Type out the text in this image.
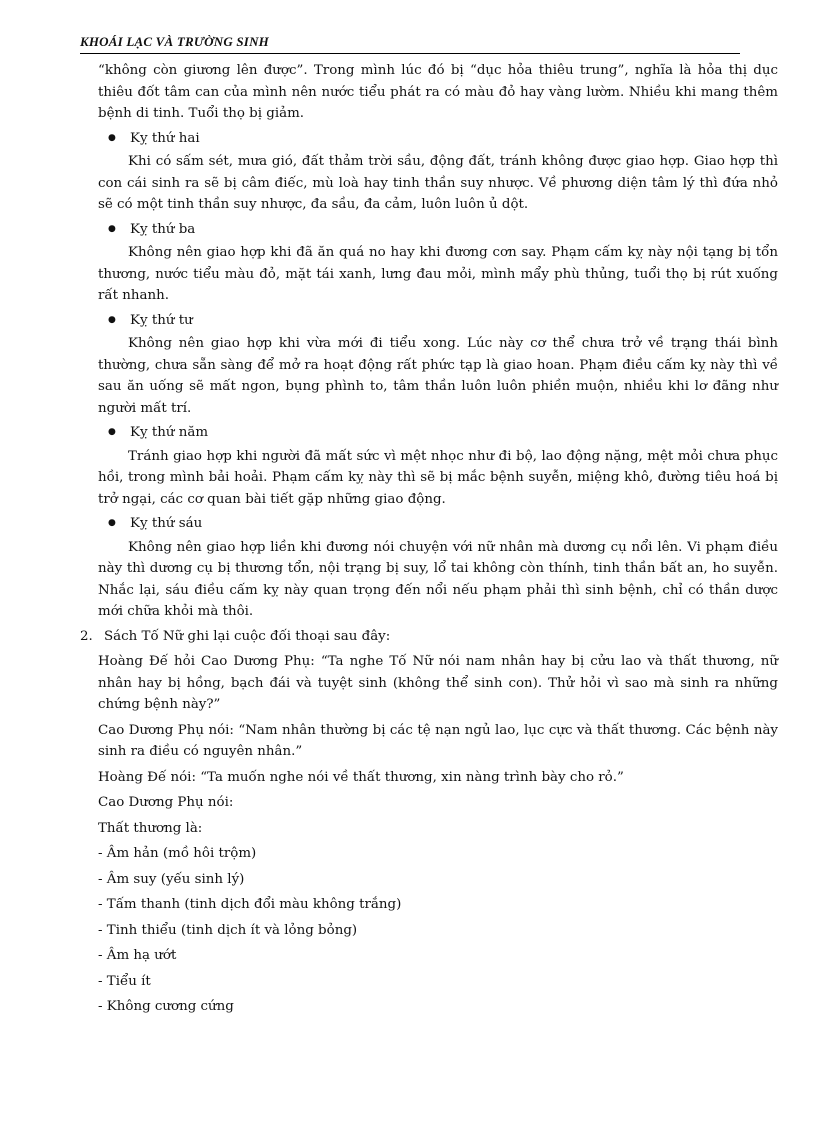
KHOÁI LẠC VÀ TRƯỜNG SINH

“không còn giương lên được”. Trong mình lúc đó bị “dục hỏa thiêu trung”, nghĩa là hỏa thị dục thiêu đốt tâm can của mình nên nước tiểu phát ra có màu đỏ hay vàng lườm. Nhiều khi mang thêm bệnh di tinh. Tuổi thọ bị giảm.

● Kỵ thứ hai

Khi có sấm sét, mưa gió, đất thảm trời sầu, động đất, tránh không được giao hợp. Giao hợp thì con cái sinh ra sẽ bị câm điếc, mù loà hay tinh thần suy nhược. Về phương diện tâm lý thì đứa nhỏ sẽ có một tinh thần suy nhược, đa sầu, đa cảm, luôn luôn ủ dột.

● Kỵ thứ ba

Không nên giao hợp khi đã ăn quá no hay khi đương cơn say. Phạm cấm kỵ này nội tạng bị tổn thương, nước tiểu màu đỏ, mặt tái xanh, lưng đau mỏi, mình mẩy phù thủng, tuổi thọ bị rút xuống rất nhanh.

● Kỵ thứ tư

Không nên giao hợp khi vừa mới đi tiểu xong. Lúc này cơ thể chưa trở về trạng thái bình thường, chưa sẵn sàng để mở ra hoạt động rất phức tạp là giao hoan. Phạm điều cấm kỵ này thì về sau ăn uống sẽ mất ngon, bụng phình to, tâm thần luôn luôn phiền muộn, nhiều khi lơ đãng như người mất trí.

● Kỵ thứ năm

Tránh giao hợp khi người đã mất sức vì mệt nhọc như đi bộ, lao động nặng, mệt mỏi chưa phục hồi, trong mình bải hoải. Phạm cấm kỵ này thì sẽ bị mắc bệnh suyễn, miệng khô, đường tiêu hoá bị trở ngại, các cơ quan bài tiết gặp những giao động.

● Kỵ thứ sáu

Không nên giao hợp liền khi đương nói chuyện với nữ nhân mà dương cụ nổi lên. Vi phạm điều này thì dương cụ bị thương tổn, nội trạng bị suy, lổ tai không còn thính, tinh thần bất an, ho suyễn. Nhắc lại, sáu điều cấm kỵ này quan trọng đến nổi nếu phạm phải thì sinh bệnh, chỉ có thần dược mới chữa khỏi mà thôi.

2. Sách Tố Nữ ghi lại cuộc đối thoại sau đây:

Hoàng Đế hỏi Cao Dương Phụ: “Ta nghe Tố Nữ nói nam nhân hay bị cửu lao và thất thương, nữ nhân hay bị hồng, bạch đái và tuyệt sinh (không thể sinh con). Thử hỏi vì sao mà sinh ra những chứng bệnh này?”

Cao Dương Phụ nói: “Nam nhân thường bị các tệ nạn ngủ lao, lục cực và thất thương. Các bệnh này sinh ra điều có nguyên nhân.”

Hoàng Đế nói: “Ta muốn nghe nói về thất thương, xin nàng trình bày cho rỏ.”

Cao Dương Phụ nói:

Thất thương là:

- Âm hản (mồ hôi trộm)
- Âm suy (yếu sinh lý)
- Tấm thanh (tinh dịch đổi màu không trắng)
- Tinh thiểu (tinh dịch ít và lỏng bỏng)
- Âm hạ ướt
- Tiểu ít
- Không cương cứng
